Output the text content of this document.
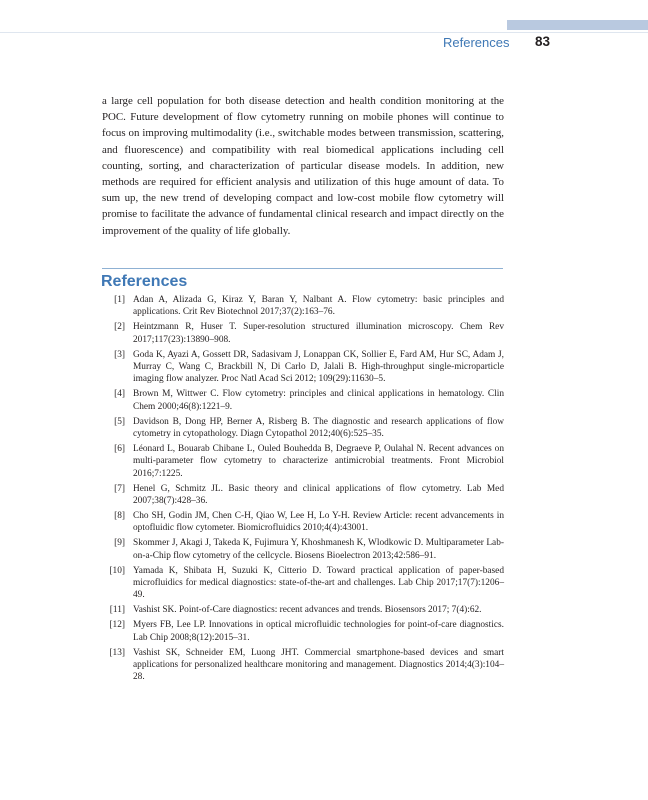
References 83

a large cell population for both disease detection and health condition monitoring at the POC. Future development of flow cytometry running on mobile phones will continue to focus on improving multimodality (i.e., switchable modes between transmission, scattering, and fluorescence) and compatibility with real biomedical applications including cell counting, sorting, and characterization of particular disease models. In addition, new methods are required for efficient analysis and utilization of this huge amount of data. To sum up, the new trend of developing compact and low-cost mobile flow cytometry will promise to facilitate the advance of fundamental clinical research and impact directly on the improvement of the quality of life globally.

References
[1] Adan A, Alizada G, Kiraz Y, Baran Y, Nalbant A. Flow cytometry: basic principles and applications. Crit Rev Biotechnol 2017;37(2):163–76.
[2] Heintzmann R, Huser T. Super-resolution structured illumination microscopy. Chem Rev 2017;117(23):13890–908.
[3] Goda K, Ayazi A, Gossett DR, Sadasivam J, Lonappan CK, Sollier E, Fard AM, Hur SC, Adam J, Murray C, Wang C, Brackbill N, Di Carlo D, Jalali B. High-throughput single-microparticle imaging flow analyzer. Proc Natl Acad Sci 2012; 109(29):11630–5.
[4] Brown M, Wittwer C. Flow cytometry: principles and clinical applications in hematology. Clin Chem 2000;46(8):1221–9.
[5] Davidson B, Dong HP, Berner A, Risberg B. The diagnostic and research applications of flow cytometry in cytopathology. Diagn Cytopathol 2012;40(6):525–35.
[6] Léonard L, Bouarab Chibane L, Ouled Bouhedda B, Degraeve P, Oulahal N. Recent advances on multi-parameter flow cytometry to characterize antimicrobial treatments. Front Microbiol 2016;7:1225.
[7] Henel G, Schmitz JL. Basic theory and clinical applications of flow cytometry. Lab Med 2007;38(7):428–36.
[8] Cho SH, Godin JM, Chen C-H, Qiao W, Lee H, Lo Y-H. Review Article: recent advancements in optofluidic flow cytometer. Biomicrofluidics 2010;4(4):43001.
[9] Skommer J, Akagi J, Takeda K, Fujimura Y, Khoshmanesh K, Wlodkowic D. Multiparameter Lab-on-a-Chip flow cytometry of the cellcycle. Biosens Bioelectron 2013;42:586–91.
[10] Yamada K, Shibata H, Suzuki K, Citterio D. Toward practical application of paper-based microfluidics for medical diagnostics: state-of-the-art and challenges. Lab Chip 2017;17(7):1206–49.
[11] Vashist SK. Point-of-Care diagnostics: recent advances and trends. Biosensors 2017; 7(4):62.
[12] Myers FB, Lee LP. Innovations in optical microfluidic technologies for point-of-care diagnostics. Lab Chip 2008;8(12):2015–31.
[13] Vashist SK, Schneider EM, Luong JHT. Commercial smartphone-based devices and smart applications for personalized healthcare monitoring and management. Diagnostics 2014;4(3):104–28.
